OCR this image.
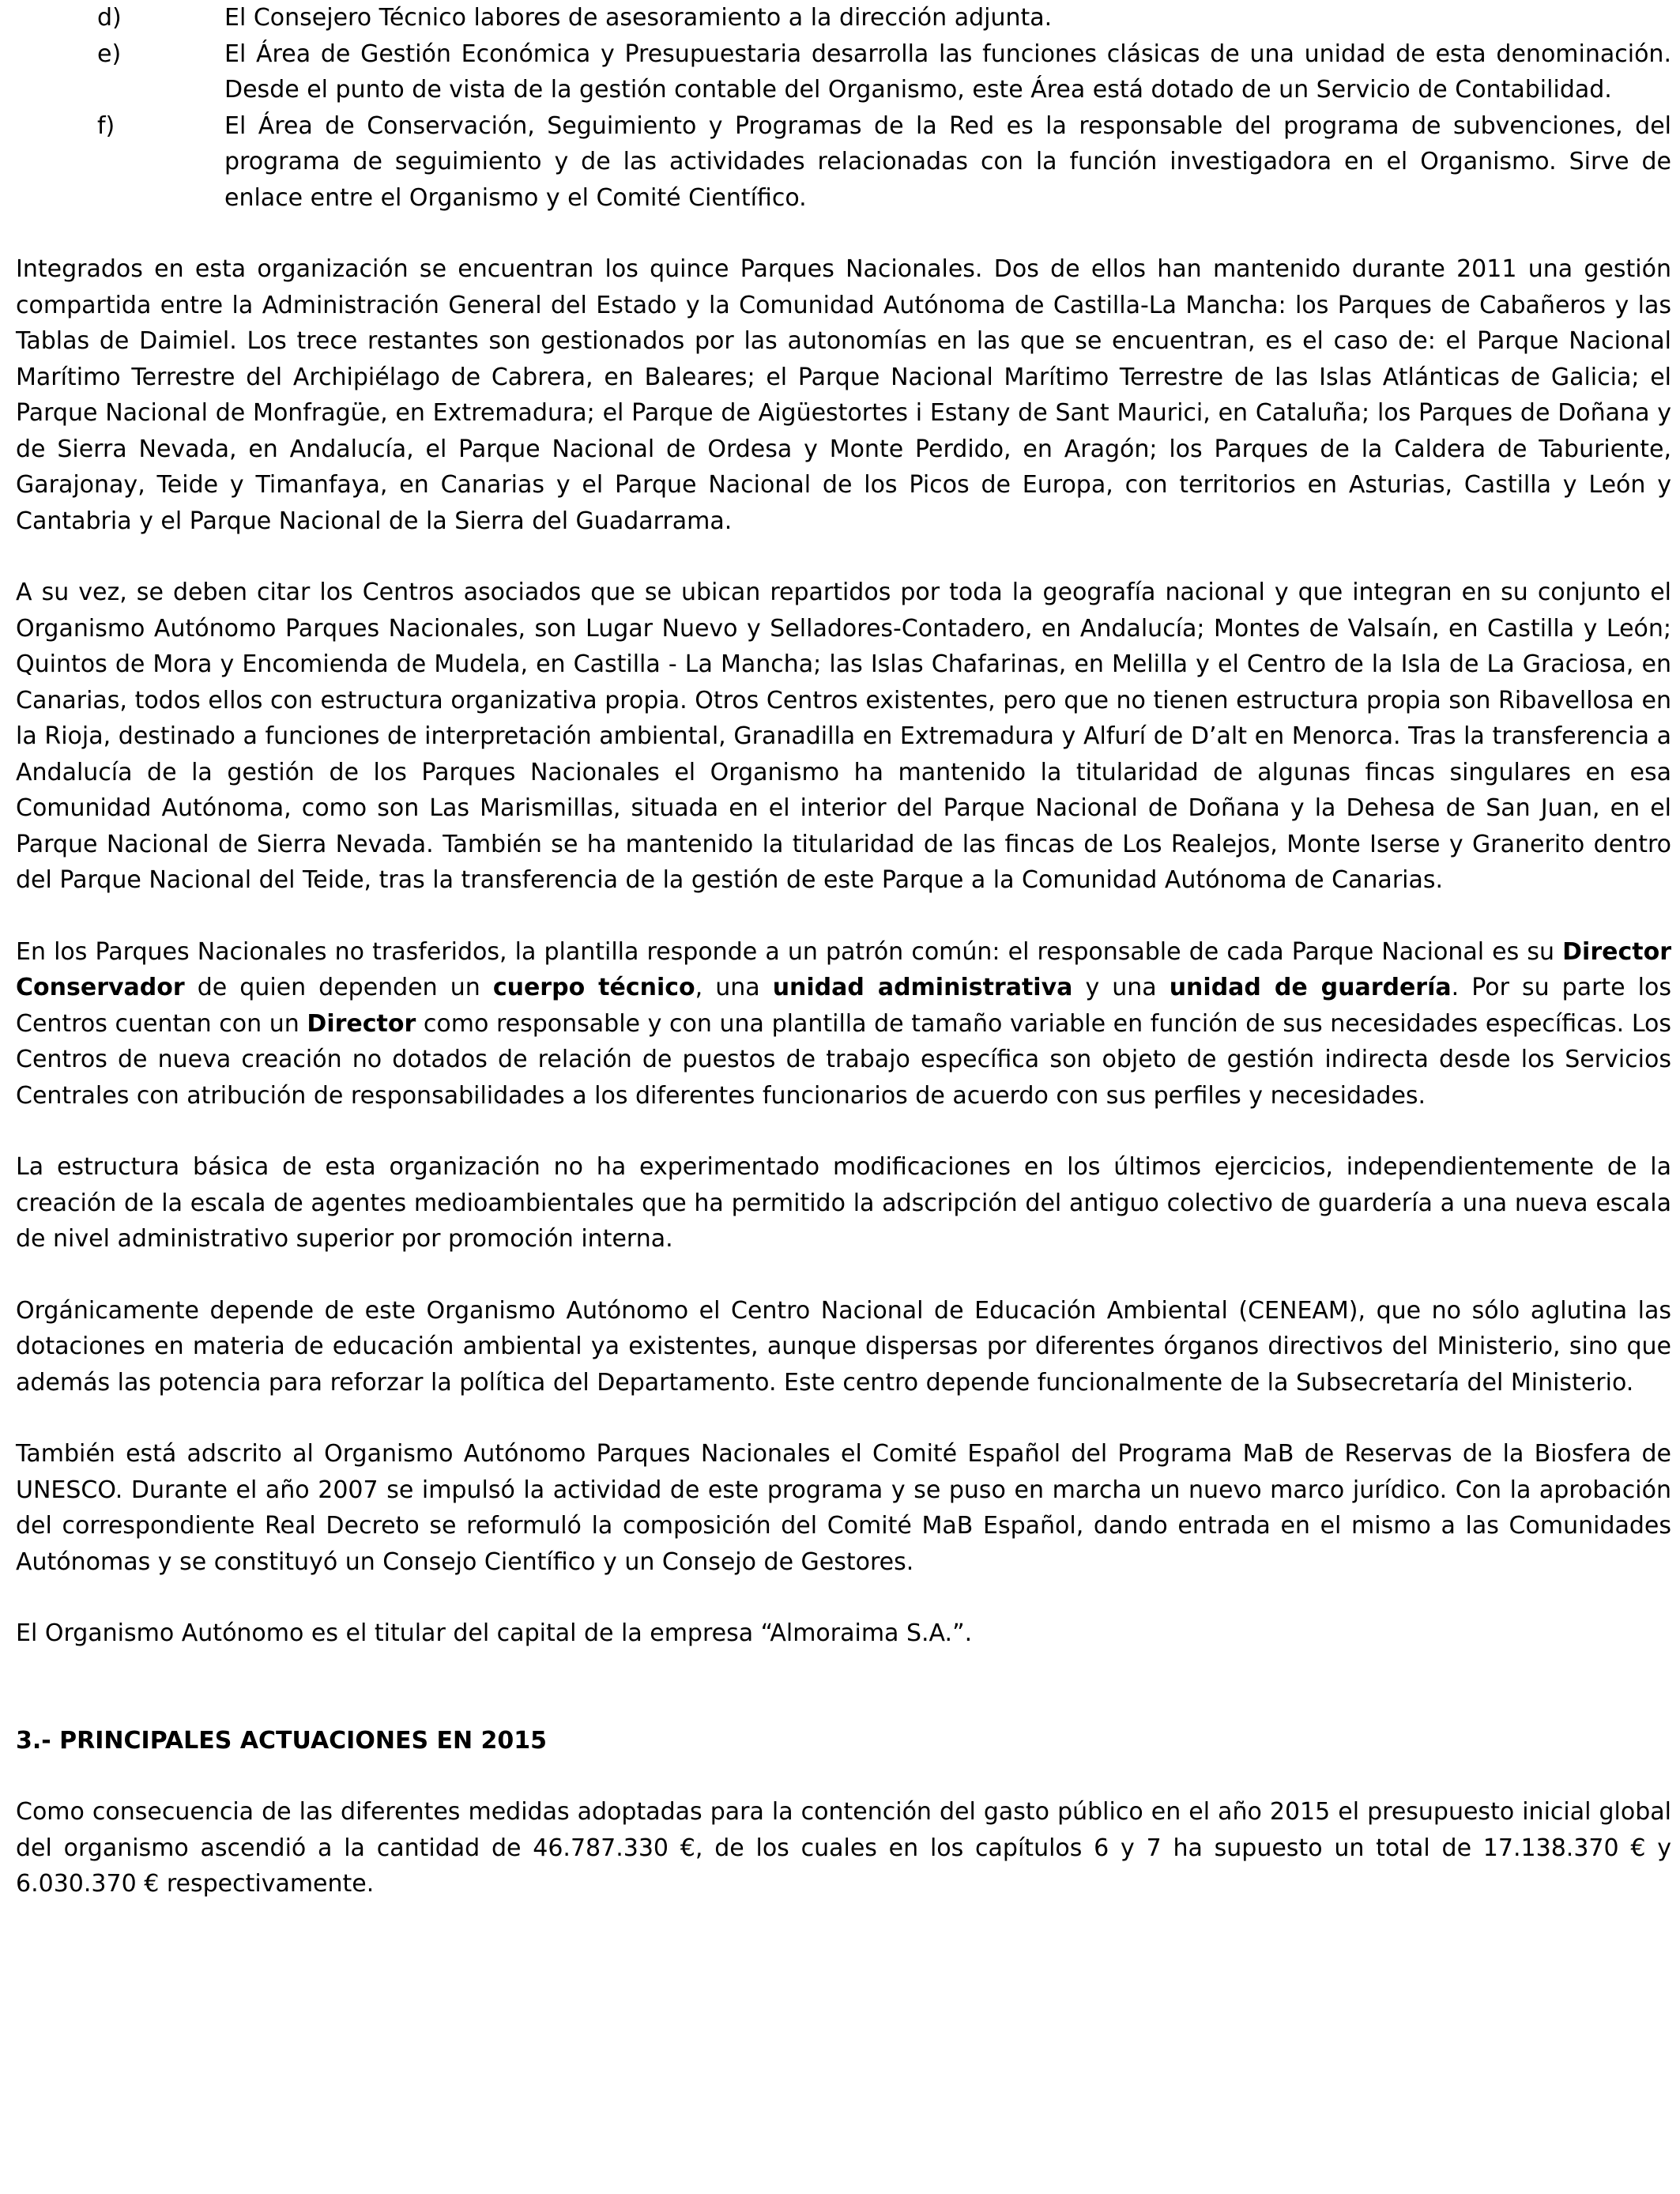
d)	El Consejero Técnico labores de asesoramiento a la dirección adjunta.
e)	El Área de Gestión Económica y Presupuestaria desarrolla las funciones clásicas de una unidad de esta denominación. Desde el punto de vista de la gestión contable del Organismo, este Área está dotado de un Servicio de Contabilidad.
f)	El Área de Conservación, Seguimiento y Programas de la Red es la responsable del programa de subvenciones, del programa de seguimiento y de las actividades relacionadas con la función investigadora en el Organismo. Sirve de enlace entre el Organismo y el Comité Científico.

Integrados en esta organización se encuentran los quince Parques Nacionales. Dos de ellos han mantenido durante 2011 una gestión compartida entre la Administración General del Estado y la Comunidad Autónoma de Castilla-La Mancha: los Parques de Cabañeros y las Tablas de Daimiel. Los trece restantes son gestionados por las autonomías en las que se encuentran, es el caso de: el Parque Nacional Marítimo Terrestre del Archipiélago de Cabrera, en Baleares; el Parque Nacional Marítimo Terrestre de las Islas Atlánticas de Galicia; el Parque Nacional de Monfragüe, en Extremadura; el Parque de Aigüestortes i Estany de Sant Maurici, en Cataluña; los Parques de Doñana y de Sierra Nevada, en Andalucía, el Parque Nacional de Ordesa y Monte Perdido, en Aragón; los Parques de la Caldera de Taburiente, Garajonay, Teide y Timanfaya, en Canarias y el Parque Nacional de los Picos de Europa, con territorios en Asturias, Castilla y León y Cantabria y el Parque Nacional de la Sierra del Guadarrama.

A su vez, se deben citar los Centros asociados que se ubican repartidos por toda la geografía nacional y que integran en su conjunto el Organismo Autónomo Parques Nacionales, son Lugar Nuevo y Selladores-Contadero, en Andalucía; Montes de Valsaín, en Castilla y León; Quintos de Mora y Encomienda de Mudela, en Castilla - La Mancha; las Islas Chafarinas, en Melilla y el Centro de la Isla de La Graciosa, en Canarias, todos ellos con estructura organizativa propia. Otros Centros existentes, pero que no tienen estructura propia son Ribavellosa en la Rioja, destinado a funciones de interpretación ambiental, Granadilla en Extremadura y Alfurí de D’alt en Menorca. Tras la transferencia a Andalucía de la gestión de los Parques Nacionales el Organismo ha mantenido la titularidad de algunas fincas singulares en esa Comunidad Autónoma, como son Las Marismillas, situada en el interior del Parque Nacional de Doñana y la Dehesa de San Juan, en el Parque Nacional de Sierra Nevada. También se ha mantenido la titularidad de las fincas de Los Realejos, Monte Iserse y Granerito dentro del Parque Nacional del Teide, tras la transferencia de la gestión de este Parque a la Comunidad Autónoma de Canarias.

En los Parques Nacionales no trasferidos, la plantilla responde a un patrón común: el responsable de cada Parque Nacional es su Director Conservador de quien dependen un cuerpo técnico, una unidad administrativa y una unidad de guardería. Por su parte los Centros cuentan con un Director como responsable y con una plantilla de tamaño variable en función de sus necesidades específicas. Los Centros de nueva creación no dotados de relación de puestos de trabajo específica son objeto de gestión indirecta desde los Servicios Centrales con atribución de responsabilidades a los diferentes funcionarios de acuerdo con sus perfiles y necesidades.

La estructura básica de esta organización no ha experimentado modificaciones en los últimos ejercicios, independientemente de la creación de la escala de agentes medioambientales que ha permitido la adscripción del antiguo colectivo de guardería a una nueva escala de nivel administrativo superior por promoción interna.

Orgánicamente depende de este Organismo Autónomo el Centro Nacional de Educación Ambiental (CENEAM), que no sólo aglutina las dotaciones en materia de educación ambiental ya existentes, aunque dispersas por diferentes órganos directivos del Ministerio, sino que además las potencia para reforzar la política del Departamento. Este centro depende funcionalmente de la Subsecretaría del Ministerio.

También está adscrito al Organismo Autónomo Parques Nacionales el Comité Español del Programa MaB de Reservas de la Biosfera de UNESCO. Durante el año 2007 se impulsó la actividad de este programa y se puso en marcha un nuevo marco jurídico. Con la aprobación del correspondiente Real Decreto se reformuló la composición del Comité MaB Español, dando entrada en el mismo a las Comunidades Autónomas y se constituyó un Consejo Científico y un Consejo de Gestores.

El Organismo Autónomo es el titular del capital de la empresa “Almoraima S.A.”.

3.- PRINCIPALES ACTUACIONES EN 2015

Como consecuencia de las diferentes medidas adoptadas para la contención del gasto público en el año 2015 el presupuesto inicial global del organismo ascendió a la cantidad de 46.787.330 €, de los cuales en los capítulos 6 y 7 ha supuesto un total de 17.138.370 € y 6.030.370 € respectivamente.
